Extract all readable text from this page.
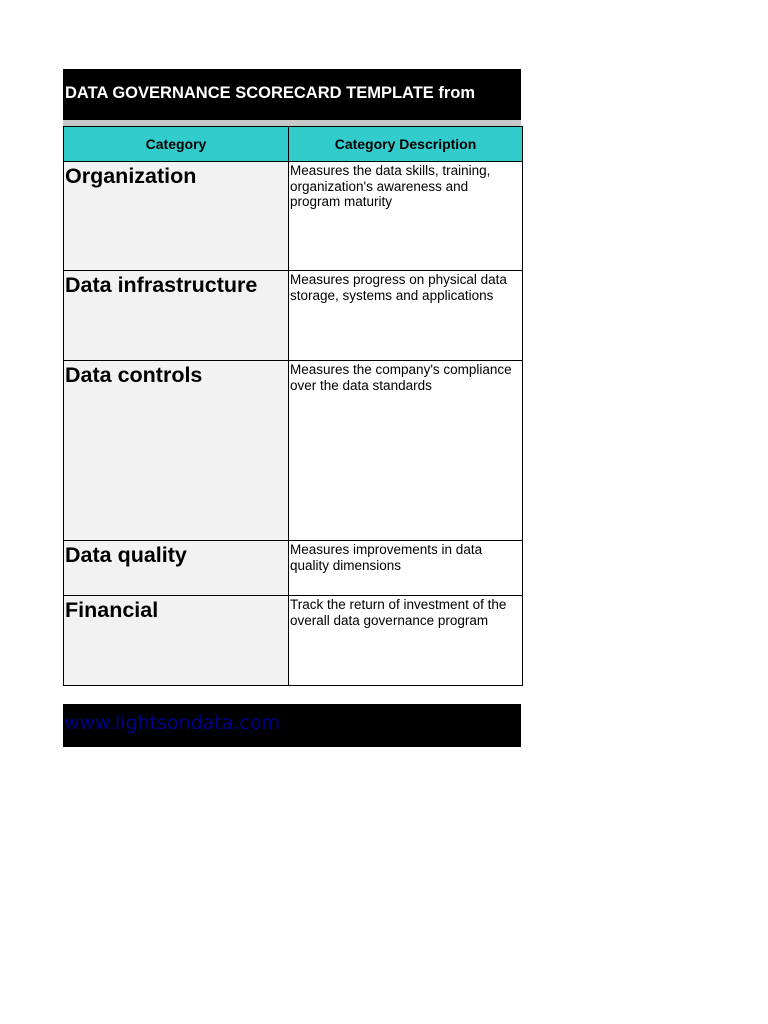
DATA GOVERNANCE SCORECARD TEMPLATE from
Category	Category Description
Organization	Measures the data skills, training, organization's awareness and program maturity
Data infrastructure	Measures progress on physical data storage, systems and applications
Data controls	Measures the company's compliance over the data standards
Data quality	Measures improvements in data quality dimensions
Financial	Track the return of investment of the overall data governance program
www.lightsondata.com
